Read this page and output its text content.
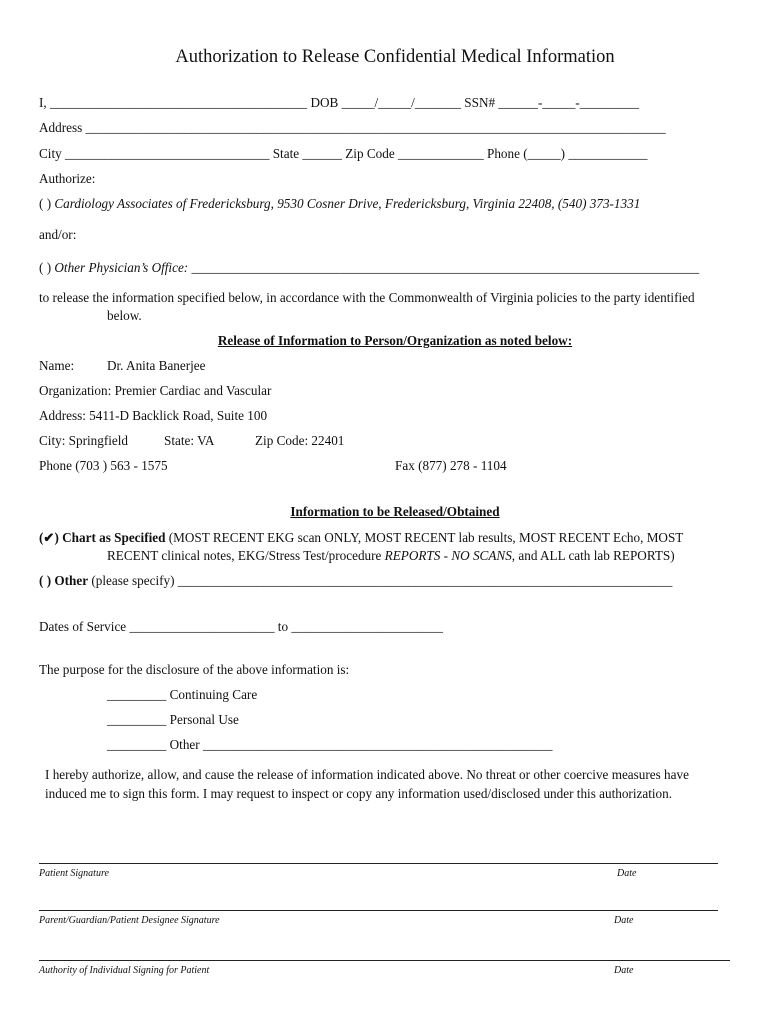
Authorization to Release Confidential Medical Information
I, _______________________________________ DOB _____/_____/_______ SSN# ______-_____-_________
Address ________________________________________________________________________________________
City _______________________________ State ______ Zip Code _____________ Phone (_____) ____________
Authorize:
( ) Cardiology Associates of Fredericksburg, 9530 Cosner Drive, Fredericksburg, Virginia 22408, (540) 373-1331
and/or:
( ) Other Physician’s Office: _____________________________________________________________________________
to release the information specified below, in accordance with the Commonwealth of Virginia policies to the party identified
below.
Release of Information to Person/Organization as noted below:
Name: Dr. Anita Banerjee
Organization: Premier Cardiac and Vascular
Address: 5411-D Backlick Road, Suite 100
City: Springfield	State: VA	Zip Code: 22401
Phone (703 ) 563 - 1575	Fax (877) 278 - 1104
Information to be Released/Obtained
(✔) Chart as Specified (MOST RECENT EKG scan ONLY, MOST RECENT lab results, MOST RECENT Echo, MOST
RECENT clinical notes, EKG/Stress Test/procedure REPORTS - NO SCANS, and ALL cath lab REPORTS)
( ) Other (please specify) ___________________________________________________________________________
Dates of Service ______________________ to _______________________
The purpose for the disclosure of the above information is:
_________ Continuing Care
_________ Personal Use
_________ Other _____________________________________________________
I hereby authorize, allow, and cause the release of information indicated above. No threat or other coercive measures have
induced me to sign this form. I may request to inspect or copy any information used/disclosed under this authorization.
Patient Signature	Date
Parent/Guardian/Patient Designee Signature	Date
Authority of Individual Signing for Patient	Date
